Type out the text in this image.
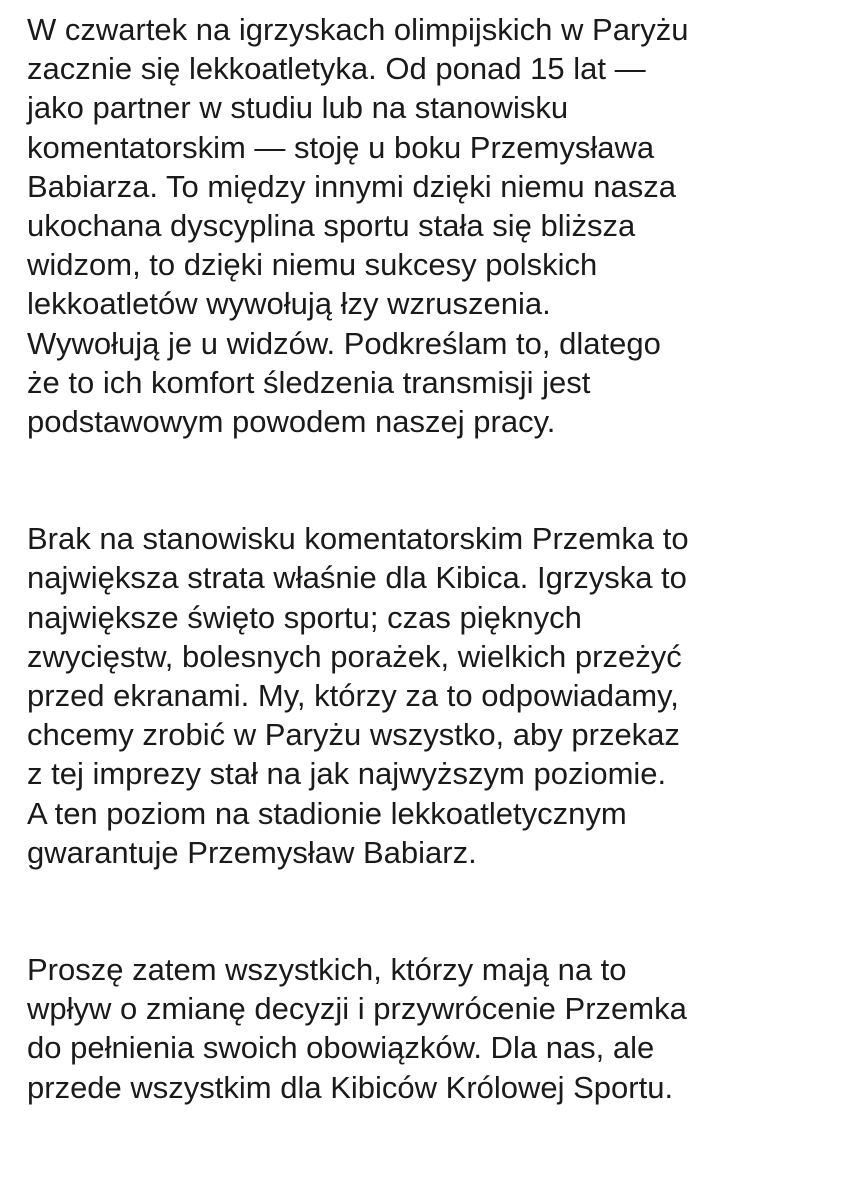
W czwartek na igrzyskach olimpijskich w Paryżu
zacznie się lekkoatletyka. Od ponad 15 lat —
jako partner w studiu lub na stanowisku
komentatorskim — stoję u boku Przemysława
Babiarza. To między innymi dzięki niemu nasza
ukochana dyscyplina sportu stała się bliższa
widzom, to dzięki niemu sukcesy polskich
lekkoatletów wywołują łzy wzruszenia.
Wywołują je u widzów. Podkreślam to, dlatego
że to ich komfort śledzenia transmisji jest
podstawowym powodem naszej pracy.

Brak na stanowisku komentatorskim Przemka to
największa strata właśnie dla Kibica. Igrzyska to
największe święto sportu; czas pięknych
zwycięstw, bolesnych porażek, wielkich przeżyć
przed ekranami. My, którzy za to odpowiadamy,
chcemy zrobić w Paryżu wszystko, aby przekaz
z tej imprezy stał na jak najwyższym poziomie.
A ten poziom na stadionie lekkoatletycznym
gwarantuje Przemysław Babiarz.

Proszę zatem wszystkich, którzy mają na to
wpływ o zmianę decyzji i przywrócenie Przemka
do pełnienia swoich obowiązków. Dla nas, ale
przede wszystkim dla Kibiców Królowej Sportu.
